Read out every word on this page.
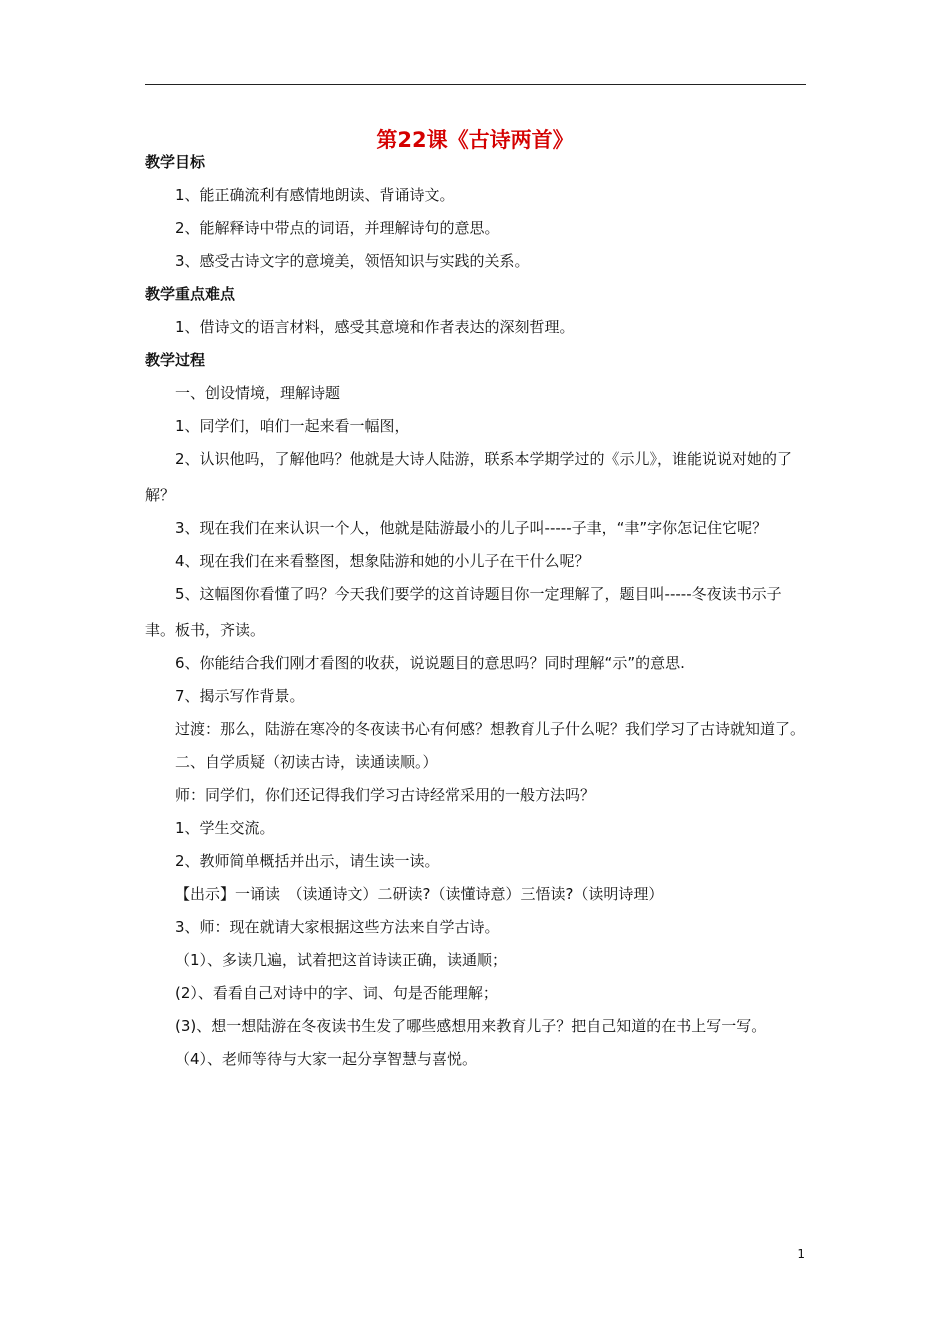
第22课《古诗两首》
教学目标
1、能正确流利有感情地朗读、背诵诗文。
2、能解释诗中带点的词语，并理解诗句的意思。
3、感受古诗文字的意境美，领悟知识与实践的关系。
教学重点难点
1、借诗文的语言材料，感受其意境和作者表达的深刻哲理。
教学过程
一、创设情境，理解诗题
1、同学们，咱们一起来看一幅图，
2、认识他吗，了解他吗？他就是大诗人陆游，联系本学期学过的《示儿》，谁能说说对她的了解？
3、现在我们在来认识一个人，他就是陆游最小的儿子叫-----子聿，“聿”字你怎记住它呢？
4、现在我们在来看整图，想象陆游和她的小儿子在干什么呢？
5、这幅图你看懂了吗？今天我们要学的这首诗题目你一定理解了，题目叫-----冬夜读书示子聿。板书，齐读。
6、你能结合我们刚才看图的收获，说说题目的意思吗？同时理解“示”的意思.
7、揭示写作背景。
过渡：那么，陆游在寒冷的冬夜读书心有何感？想教育儿子什么呢？我们学习了古诗就知道了。
二、自学质疑（初读古诗，读通读顺。）
师：同学们，你们还记得我们学习古诗经常采用的一般方法吗？
1、学生交流。
2、教师简单概括并出示，请生读一读。
【出示】一诵读　（读通诗文）二研读?（读懂诗意）三悟读?（读明诗理）
3、师：现在就请大家根据这些方法来自学古诗。
（1）、多读几遍，试着把这首诗读正确，读通顺；
(2）、看看自己对诗中的字、词、句是否能理解；
(3)、想一想陆游在冬夜读书生发了哪些感想用来教育儿子？把自己知道的在书上写一写。
（4）、老师等待与大家一起分享智慧与喜悦。
1
